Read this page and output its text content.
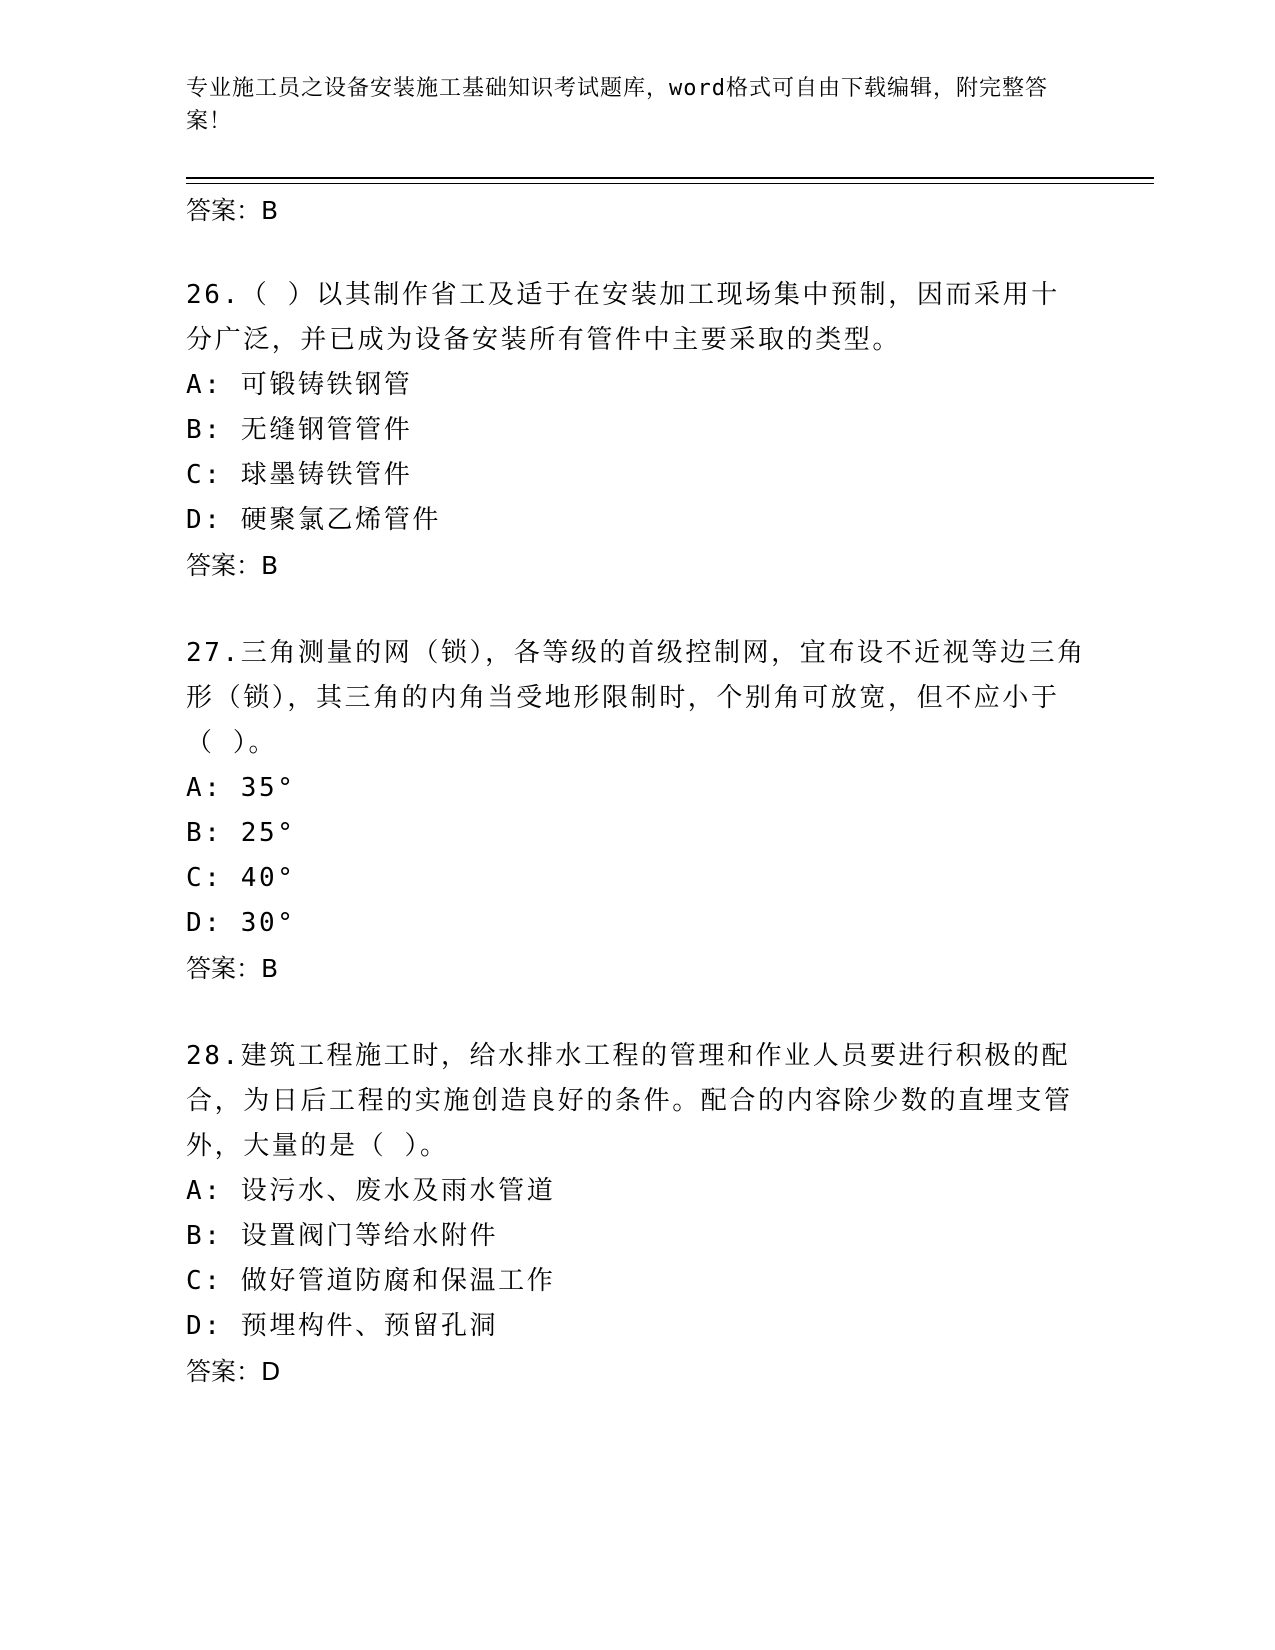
专业施工员之设备安装施工基础知识考试题库，word格式可自由下载编辑，附完整答案！
答案：B
26.（ ）以其制作省工及适于在安装加工现场集中预制，因而采用十分广泛，并已成为设备安装所有管件中主要采取的类型。
A: 可锻铸铁钢管
B: 无缝钢管管件
C: 球墨铸铁管件
D: 硬聚氯乙烯管件
答案：B
27.三角测量的网（锁），各等级的首级控制网，宜布设不近视等边三角形（锁），其三角的内角当受地形限制时，个别角可放宽，但不应小于（ ）。
A: 35°
B: 25°
C: 40°
D: 30°
答案：B
28.建筑工程施工时，给水排水工程的管理和作业人员要进行积极的配合，为日后工程的实施创造良好的条件。配合的内容除少数的直埋支管外，大量的是（ ）。
A: 设污水、废水及雨水管道
B: 设置阀门等给水附件
C: 做好管道防腐和保温工作
D: 预埋构件、预留孔洞
答案：D
